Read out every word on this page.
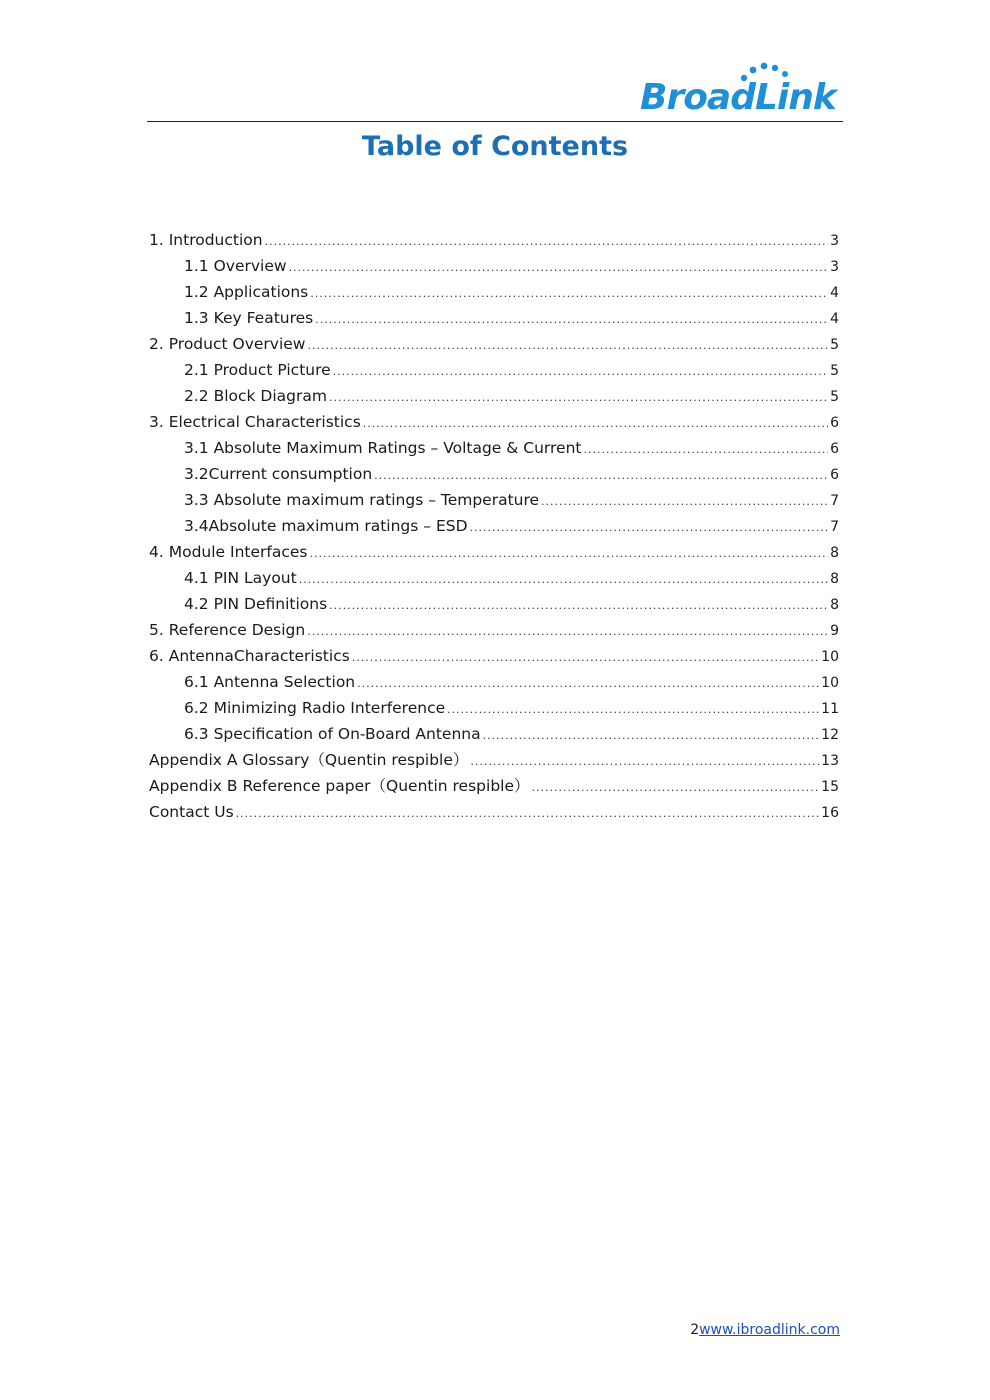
BroadLink
Table of Contents
1. Introduction .....	3
1.1 Overview .....	3
1.2 Applications .....	4
1.3 Key Features .....	4
2. Product Overview .....	5
2.1 Product Picture .....	5
2.2 Block Diagram .....	5
3. Electrical Characteristics .....	6
3.1 Absolute Maximum Ratings – Voltage & Current .....	6
3.2Current consumption .....	6
3.3 Absolute maximum ratings – Temperature .....	7
3.4Absolute maximum ratings – ESD .....	7
4. Module Interfaces .....	8
4.1 PIN Layout .....	8
4.2 PIN Definitions .....	8
5. Reference Design .....	9
6. AntennaCharacteristics .....	10
6.1 Antenna Selection .....	10
6.2 Minimizing Radio Interference .....	11
6.3 Specification of On-Board Antenna .....	12
Appendix A Glossary（Quentin respible） .....	13
Appendix B Reference paper（Quentin respible） .....	15
Contact Us .....	16
2www.ibroadlink.com
